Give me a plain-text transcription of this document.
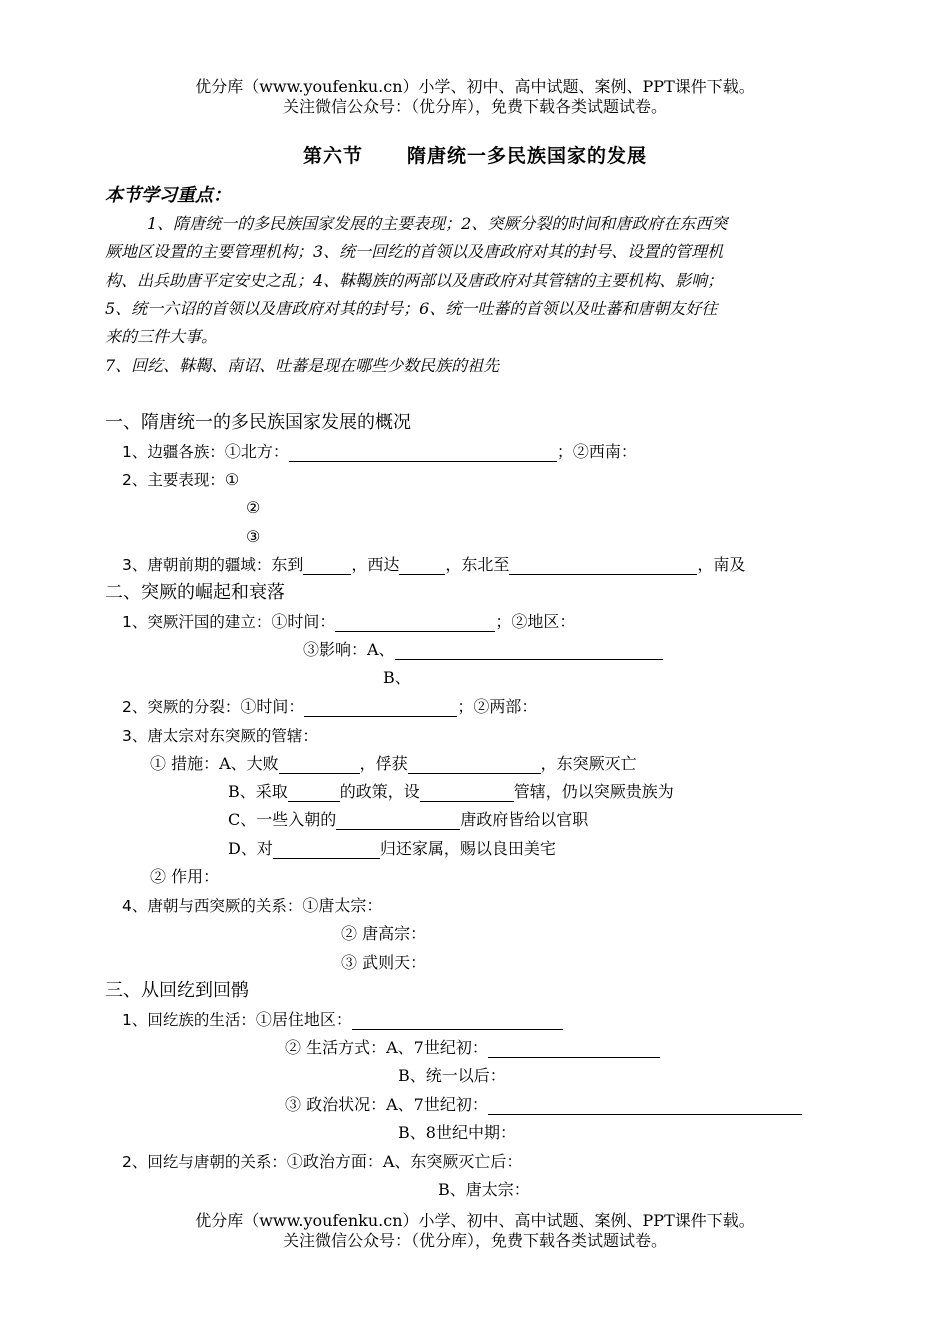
优分库（www.youfenku.cn）小学、初中、高中试题、案例、PPT课件下载。
关注微信公众号：（优分库），免费下载各类试题试卷。
第六节 隋唐统一多民族国家的发展
本节学习重点：
1、隋唐统一的多民族国家发展的主要表现；2、突厥分裂的时间和唐政府在东西突
厥地区设置的主要管理机构；3、统一回纥的首领以及唐政府对其的封号、设置的管理机
构、出兵助唐平定安史之乱；4、靺鞨族的两部以及唐政府对其管辖的主要机构、影响；
5、统一六诏的首领以及唐政府对其的封号；6、统一吐蕃的首领以及吐蕃和唐朝友好往
来的三件大事。
7、回纥、靺鞨、南诏、吐蕃是现在哪些少数民族的祖先
一、隋唐统一的多民族国家发展的概况
1、边疆各族：①北方：	；②西南：
2、主要表现：①
②
③
3、唐朝前期的疆域：东到	，西达	，东北至	，南及
二、突厥的崛起和衰落
1、突厥汗国的建立：①时间：	；②地区：
③影响：A、
B、
2、突厥的分裂：①时间：	；②两部：
3、唐太宗对东突厥的管辖：
① 措施：A、大败	，俘获	，东突厥灭亡
B、采取	的政策，设	管辖，仍以突厥贵族为
C、一些入朝的	唐政府皆给以官职
D、对	归还家属，赐以良田美宅
② 作用：
4、唐朝与西突厥的关系：①唐太宗：
② 唐高宗：
③ 武则天：
三、从回纥到回鹘
1、回纥族的生活：①居住地区：
② 生活方式：A、7世纪初：
B、统一以后：
③ 政治状况：A、7世纪初：
B、8世纪中期：
2、回纥与唐朝的关系：①政治方面：A、东突厥灭亡后：
B、唐太宗：
优分库（www.youfenku.cn）小学、初中、高中试题、案例、PPT课件下载。
关注微信公众号：（优分库），免费下载各类试题试卷。
